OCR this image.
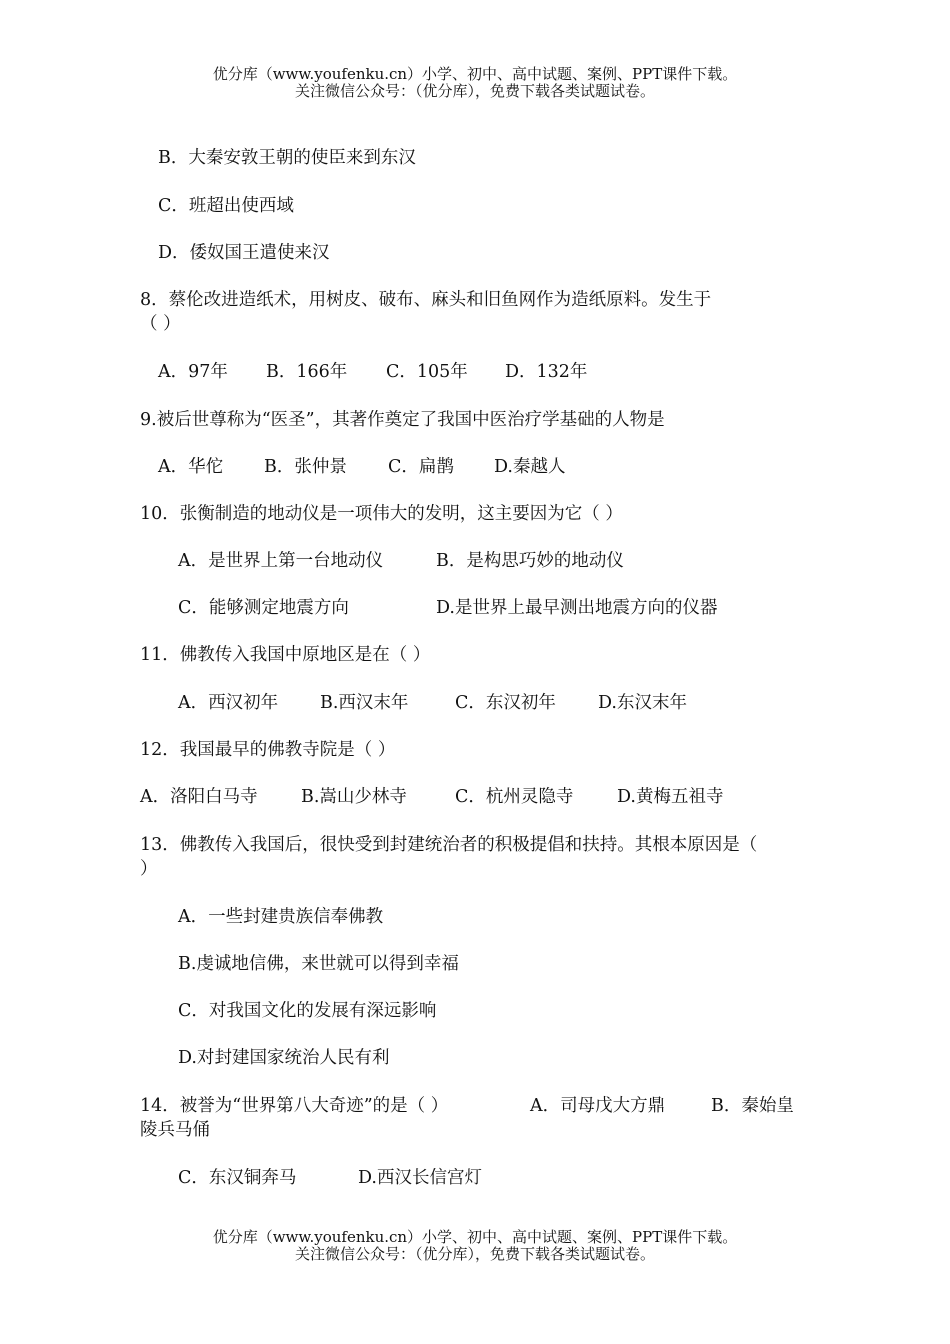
优分库（www.youfenku.cn）小学、初中、高中试题、案例、PPT课件下载。
关注微信公众号：（优分库），免费下载各类试题试卷。
B．大秦安敦王朝的使臣来到东汉
C．班超出使西域
D．倭奴国王遣使来汉
8．蔡伦改进造纸术，用树皮、破布、麻头和旧鱼网作为造纸原料。发生于
（ ）
A．97年 B．166年 C．105年 D．132年
9.被后世尊称为“医圣”，其著作奠定了我国中医治疗学基础的人物是
A．华佗 B．张仲景 C．扁鹊 D.秦越人
10．张衡制造的地动仪是一项伟大的发明，这主要因为它（ ）
A．是世界上第一台地动仪	B．是构思巧妙的地动仪
C．能够测定地震方向	D.是世界上最早测出地震方向的仪器
11．佛教传入我国中原地区是在（ ）
A．西汉初年 B.西汉末年	C．东汉初年 D.东汉末年
12．我国最早的佛教寺院是（ ）
A．洛阳白马寺 B.嵩山少林寺	C．杭州灵隐寺 D.黄梅五祖寺
13．佛教传入我国后，很快受到封建统治者的积极提倡和扶持。其根本原因是（
）
A．一些封建贵族信奉佛教
B.虔诚地信佛，来世就可以得到幸福
C．对我国文化的发展有深远影响
D.对封建国家统治人民有利
14．被誉为“世界第八大奇迹”的是（ ）	A．司母戊大方鼎	B．秦始皇
陵兵马俑
C．东汉铜奔马	D.西汉长信宫灯
优分库（www.youfenku.cn）小学、初中、高中试题、案例、PPT课件下载。
关注微信公众号：（优分库），免费下载各类试题试卷。
